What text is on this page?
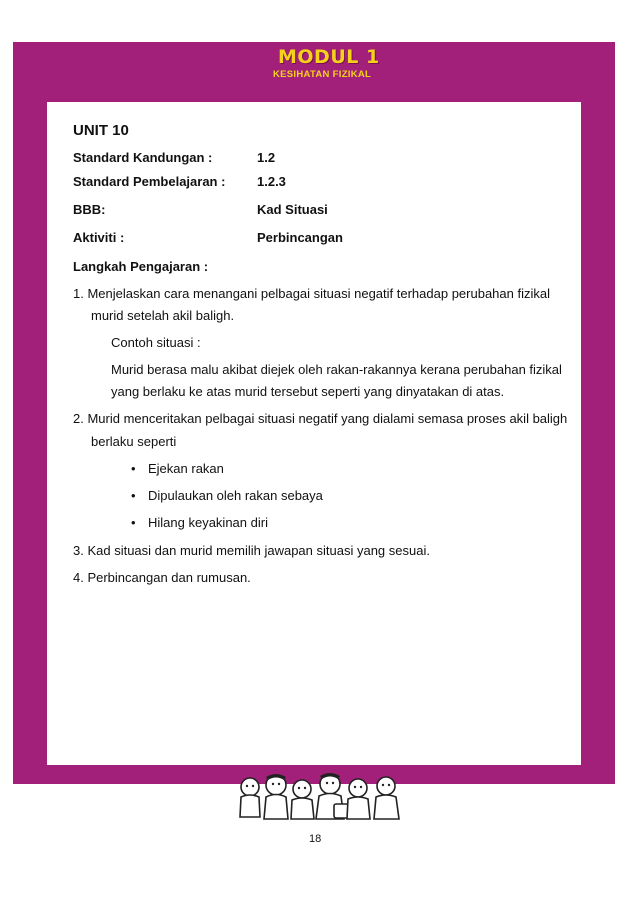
MODUL 1
KESIHATAN FIZIKAL
UNIT 10
Standard Kandungan :	1.2
Standard Pembelajaran : 1.2.3
BBB:	Kad Situasi
Aktiviti :	Perbincangan
Langkah Pengajaran :
1. Menjelaskan cara menangani pelbagai situasi negatif terhadap perubahan fizikal
murid setelah akil baligh.
Contoh situasi :
Murid berasa malu akibat diejek oleh rakan-rakannya kerana perubahan fizikal
yang berlaku ke atas murid tersebut seperti yang dinyatakan di atas.
2. Murid menceritakan pelbagai situasi negatif yang dialami semasa proses akil baligh
berlaku seperti
• Ejekan rakan
• Dipulaukan oleh rakan sebaya
• Hilang keyakinan diri
3. Kad situasi dan murid memilih jawapan situasi yang sesuai.
4. Perbincangan dan rumusan.
18
